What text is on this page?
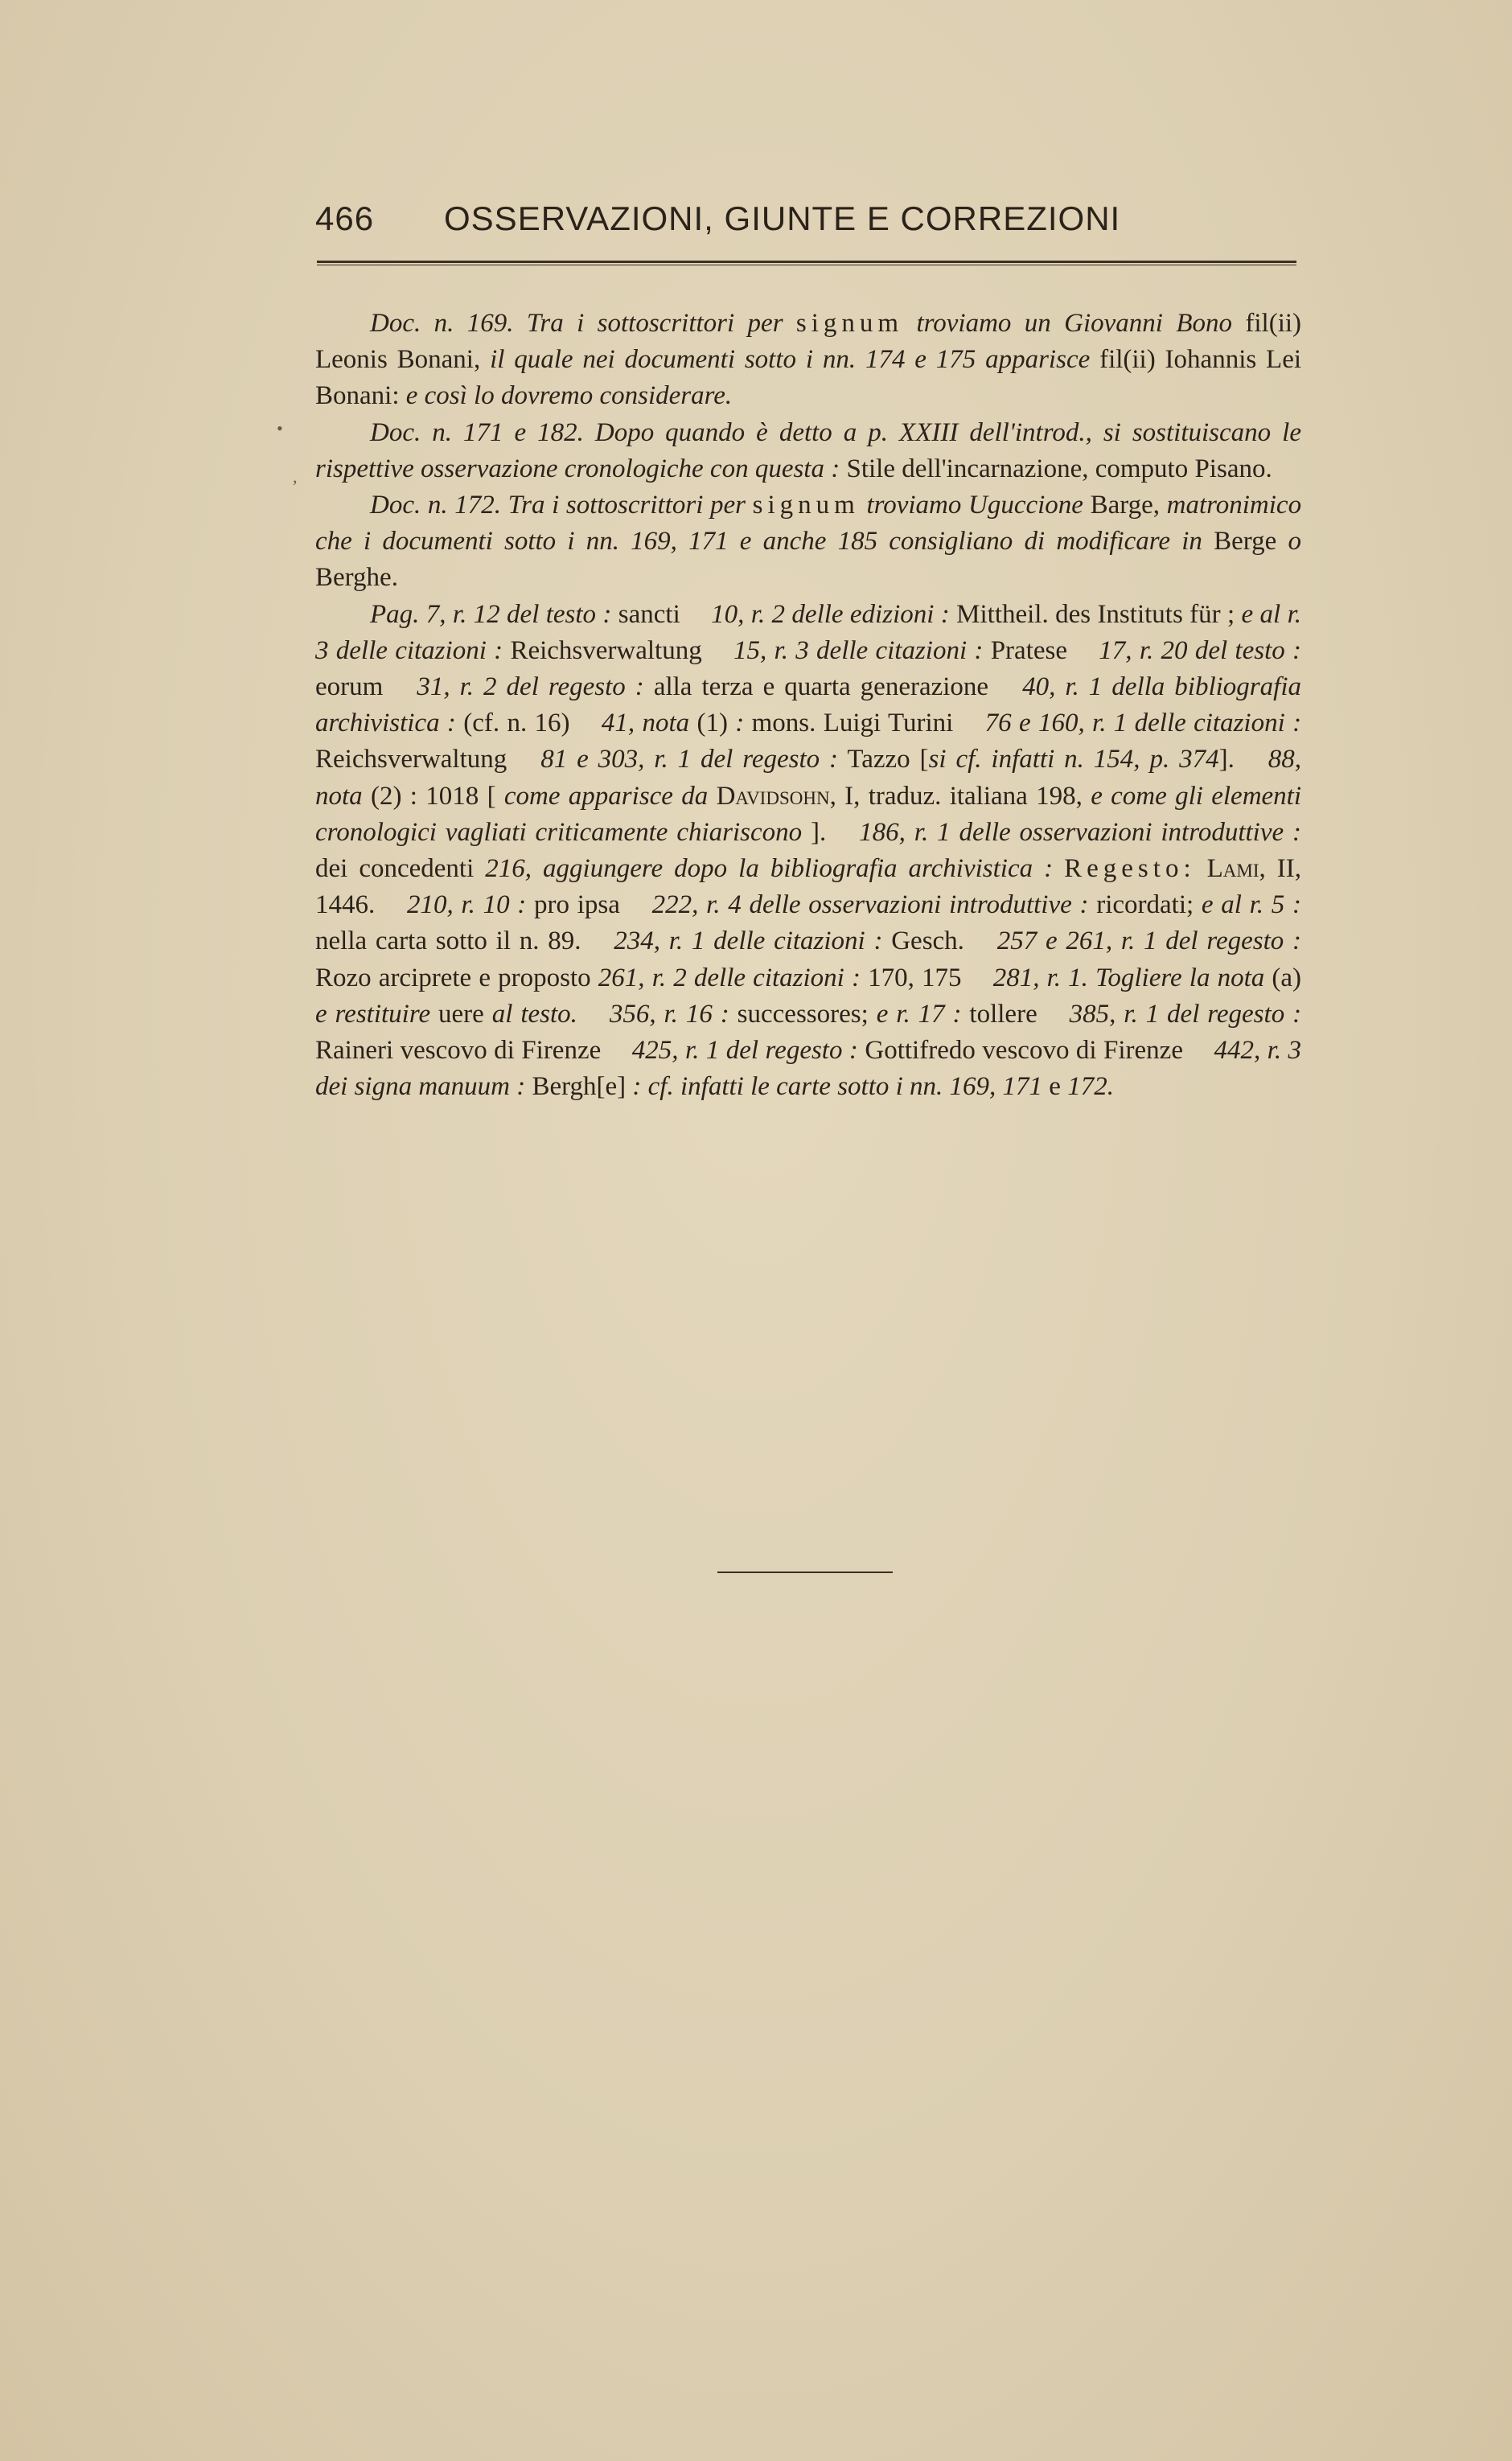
466 OSSERVAZIONI, GIUNTE E CORREZIONI

Doc. n. 169. Tra i sottoscrittori per signum troviamo un Giovanni Bono fil(ii) Leonis Bonani, il quale nei documenti sotto i nn. 174 e 175 apparisce fil(ii) Iohannis Lei Bonani: e così lo dovremo considerare.

Doc. n. 171 e 182. Dopo quando è detto a p. XXIII dell'introd., si sostituiscano le rispettive osservazione cronologiche con questa : Stile dell'incarnazione, computo Pisano.

Doc. n. 172. Tra i sottoscrittori per signum troviamo Uguccione Barge, matronimico che i documenti sotto i nn. 169, 171 e anche 185 consigliano di modificare in Berge o Berghe.

Pag. 7, r. 12 del testo : sancti 10, r. 2 delle edizioni : Mittheil. des Instituts für ; e al r. 3 delle citazioni : Reichsverwaltung 15, r. 3 delle citazioni : Pratese 17, r. 20 del testo : eorum 31, r. 2 del regesto : alla terza e quarta generazione 40, r. 1 della bibliografia archivistica : (cf. n. 16) 41, nota (1) : mons. Luigi Turini 76 e 160, r. 1 delle citazioni : Reichsverwaltung 81 e 303, r. 1 del regesto : Tazzo [si cf. infatti n. 154, p. 374]. 88, nota (2) : 1018 [ come apparisce da Davidsohn, I, traduz. italiana 198, e come gli elementi cronologici vagliati criticamente chiariscono ]. 186, r. 1 delle osservazioni introduttive : dei concedenti 216, aggiungere dopo la bibliografia archivistica : Regesto: Lami, II, 1446. 210, r. 10 : pro ipsa 222, r. 4 delle osservazioni introduttive : ricordati; e al r. 5 : nella carta sotto il n. 89. 234, r. 1 delle citazioni : Gesch. 257 e 261, r. 1 del regesto : Rozo arciprete e proposto 261, r. 2 delle citazioni : 170, 175 281, r. 1. Togliere la nota (a) e restituire uere al testo. 356, r. 16 : successores; e r. 17 : tollere 385, r. 1 del regesto : Raineri vescovo di Firenze 425, r. 1 del regesto : Gottifredo vescovo di Firenze 442, r. 3 dei signa manuum : Bergh[e] : cf. infatti le carte sotto i nn. 169, 171 e 172.

•
,
